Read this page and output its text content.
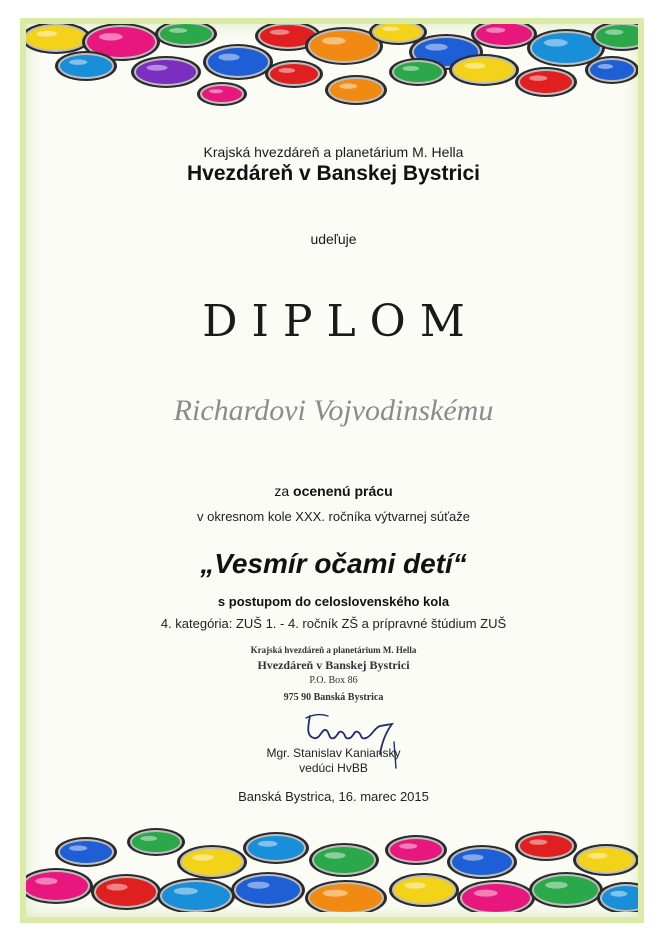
Krajská hvezdáreň a planetárium M. Hella
Hvezdáreň v Banskej Bystrici
udeľuje
DIPLOM
Richardovi Vojvodinskému
za ocenenú prácu
v okresnom kole XXX. ročníka výtvarnej súťaže
„Vesmír očami detí“
s postupom do celoslovenského kola
4. kategória: ZUŠ 1. - 4. ročník ZŠ a prípravné štúdium ZUŠ
Krajská hvezdáreň a planetárium M. Hella
Hvezdáreň v Banskej Bystrici
P.O. Box 86
975 90 Banská Bystrica
Mgr. Stanislav Kaniansky
vedúci HvBB
Banská Bystrica, 16. marec 2015
